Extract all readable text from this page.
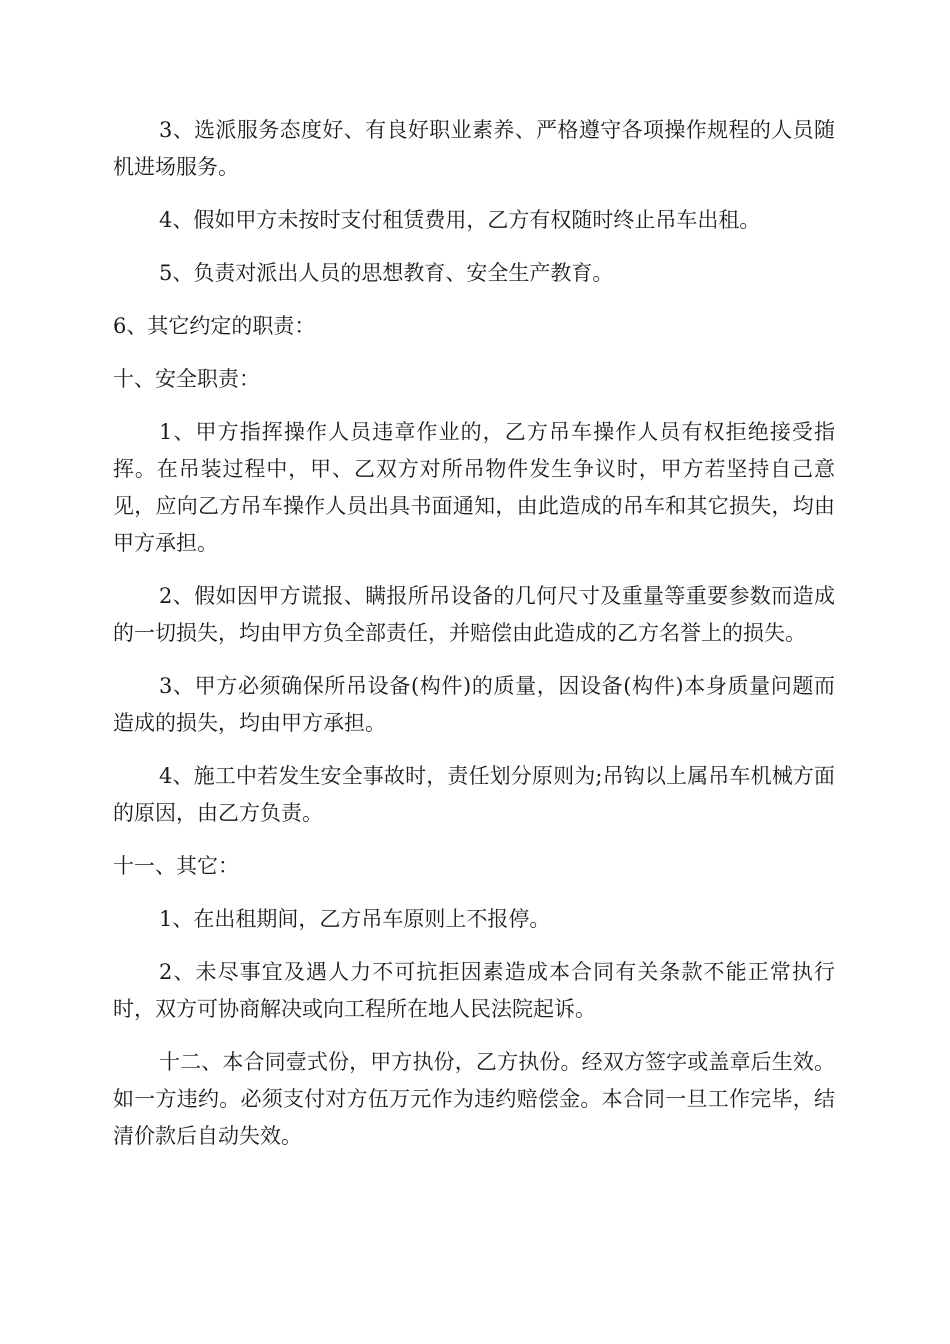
3、选派服务态度好、有良好职业素养、严格遵守各项操作规程的人员随机进场服务。

4、假如甲方未按时支付租赁费用，乙方有权随时终止吊车出租。

5、负责对派出人员的思想教育、安全生产教育。

6、其它约定的职责：

十、安全职责：

1、甲方指挥操作人员违章作业的，乙方吊车操作人员有权拒绝接受指挥。在吊装过程中，甲、乙双方对所吊物件发生争议时，甲方若坚持自己意见，应向乙方吊车操作人员出具书面通知，由此造成的吊车和其它损失，均由甲方承担。

2、假如因甲方谎报、瞒报所吊设备的几何尺寸及重量等重要参数而造成的一切损失，均由甲方负全部责任，并赔偿由此造成的乙方名誉上的损失。

3、甲方必须确保所吊设备(构件)的质量，因设备(构件)本身质量问题而造成的损失，均由甲方承担。

4、施工中若发生安全事故时，责任划分原则为;吊钩以上属吊车机械方面的原因，由乙方负责。

十一、其它：

1、在出租期间，乙方吊车原则上不报停。

2、未尽事宜及遇人力不可抗拒因素造成本合同有关条款不能正常执行时，双方可协商解决或向工程所在地人民法院起诉。

十二、本合同壹式份，甲方执份，乙方执份。经双方签字或盖章后生效。如一方违约。必须支付对方伍万元作为违约赔偿金。本合同一旦工作完毕，结清价款后自动失效。
